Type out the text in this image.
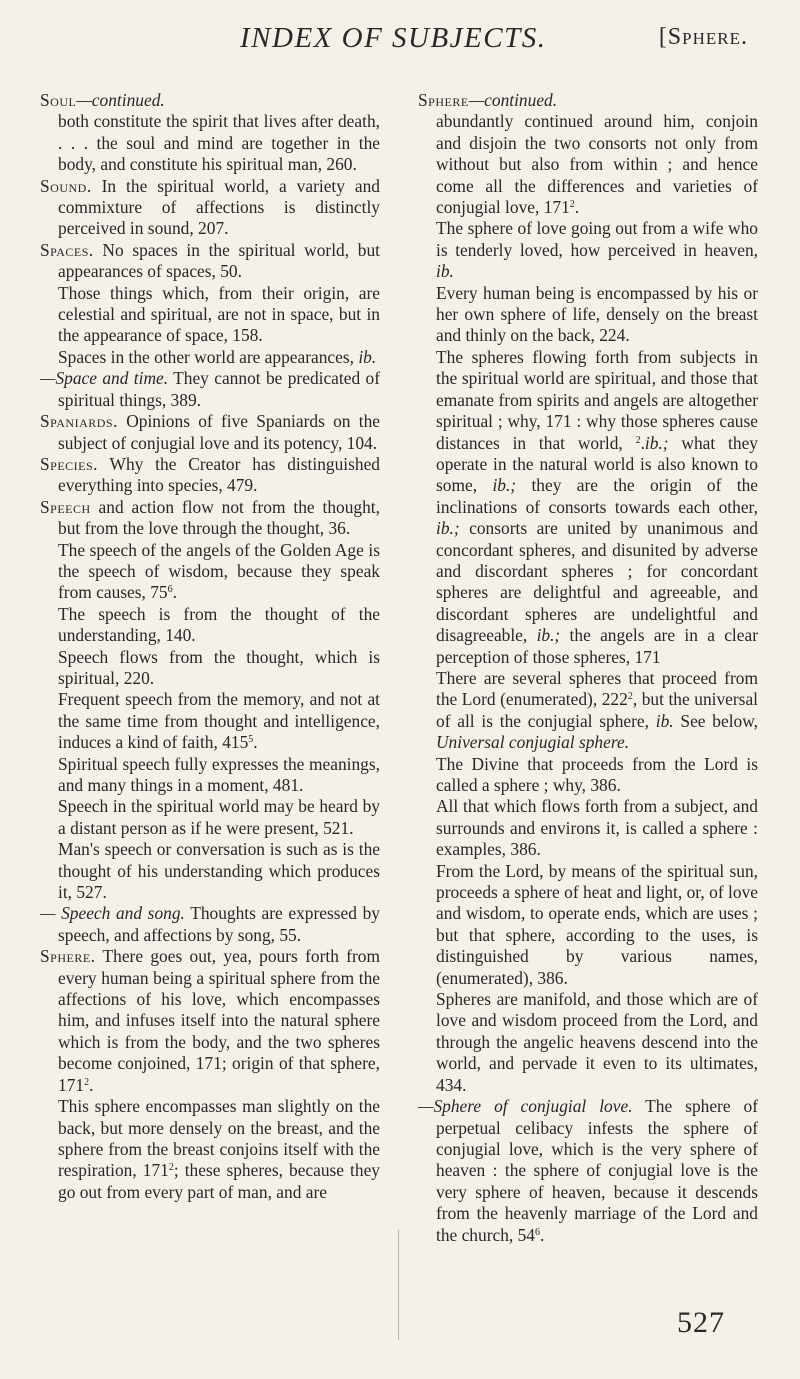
INDEX OF SUBJECTS.	[Sphere.

Soul—continued.

both constitute the spirit that lives after death, . . . the soul and mind are together in the body, and constitute his spiritual man, 260.

Sound. In the spiritual world, a variety and commixture of affections is distinctly perceived in sound, 207.

Spaces. No spaces in the spiritual world, but appearances of spaces, 50.

Those things which, from their origin, are celestial and spiritual, are not in space, but in the appearance of space, 158.

Spaces in the other world are appearances, ib.

—Space and time. They cannot be predicated of spiritual things, 389.

Spaniards. Opinions of five Spaniards on the subject of conjugial love and its potency, 104.

Species. Why the Creator has distinguished everything into species, 479.

Speech and action flow not from the thought, but from the love through the thought, 36.

The speech of the angels of the Golden Age is the speech of wisdom, because they speak from causes, $75^6$.

The speech is from the thought of the understanding, 140.

Speech flows from the thought, which is spiritual, 220.

Frequent speech from the memory, and not at the same time from thought and intelligence, induces a kind of faith, $415^5$.

Spiritual speech fully expresses the meanings, and many things in a moment, 481.

Speech in the spiritual world may be heard by a distant person as if he were present, 521.

Man's speech or conversation is such as is the thought of his understanding which produces it, 527.

— Speech and song. Thoughts are expressed by speech, and affections by song, 55.

Sphere. There goes out, yea, pours forth from every human being a spiritual sphere from the affections of his love, which encompasses him, and infuses itself into the natural sphere which is from the body, and the two spheres become conjoined, 171; origin of that sphere, $171^2$.

This sphere encompasses man slightly on the back, but more densely on the breast, and the sphere from the breast conjoins itself with the respiration, $171^2$; these spheres, because they go out from every part of man, and are

Sphere—continued.

abundantly continued around him, conjoin and disjoin the two consorts not only from without but also from within ; and hence come all the differences and varieties of conjugial love, $171^2$.

The sphere of love going out from a wife who is tenderly loved, how perceived in heaven, ib.

Every human being is encompassed by his or her own sphere of life, densely on the breast and thinly on the back, 224.

The spheres flowing forth from subjects in the spiritual world are spiritual, and those that emanate from spirits and angels are altogether spiritual ; why, 171 : why those spheres cause distances in that world, $^2$.ib.; what they operate in the natural world is also known to some, ib.; they are the origin of the inclinations of consorts towards each other, ib.; consorts are united by unanimous and concordant spheres, and disunited by adverse and discordant spheres ; for concordant spheres are delightful and agreeable, and discordant spheres are undelightful and disagreeable, ib.; the angels are in a clear perception of those spheres, 171

There are several spheres that proceed from the Lord (enumerated), $222^2$, but the universal of all is the conjugial sphere, ib. See below, Universal conjugial sphere.

The Divine that proceeds from the Lord is called a sphere ; why, 386.

All that which flows forth from a subject, and surrounds and environs it, is called a sphere : examples, 386.

From the Lord, by means of the spiritual sun, proceeds a sphere of heat and light, or, of love and wisdom, to operate ends, which are uses ; but that sphere, according to the uses, is distinguished by various names, (enumerated), 386.

Spheres are manifold, and those which are of love and wisdom proceed from the Lord, and through the angelic heavens descend into the world, and pervade it even to its ultimates, 434.

—Sphere of conjugial love. The sphere of perpetual celibacy infests the sphere of conjugial love, which is the very sphere of heaven : the sphere of conjugial love is the very sphere of heaven, because it descends from the heavenly marriage of the Lord and the church, $54^6$.

527
